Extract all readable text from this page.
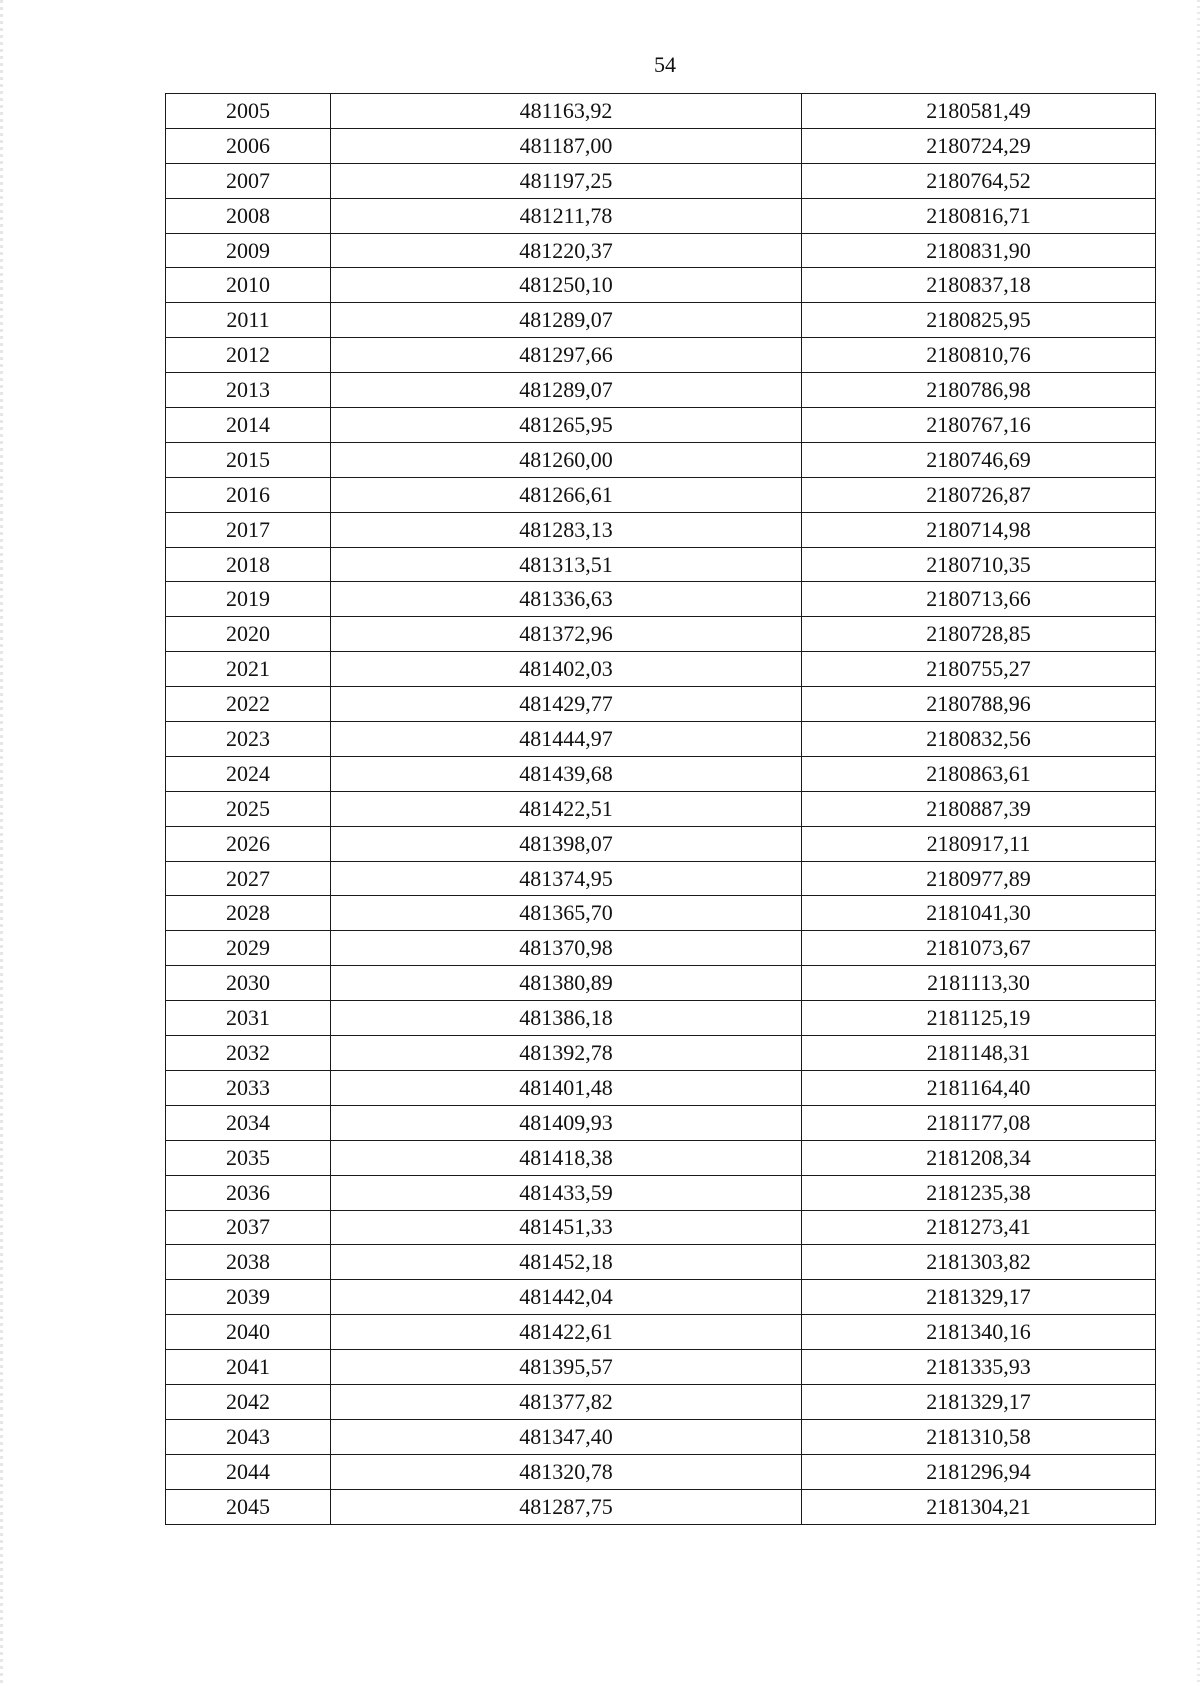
54
2005	481163,92	2180581,49
2006	481187,00	2180724,29
2007	481197,25	2180764,52
2008	481211,78	2180816,71
2009	481220,37	2180831,90
2010	481250,10	2180837,18
2011	481289,07	2180825,95
2012	481297,66	2180810,76
2013	481289,07	2180786,98
2014	481265,95	2180767,16
2015	481260,00	2180746,69
2016	481266,61	2180726,87
2017	481283,13	2180714,98
2018	481313,51	2180710,35
2019	481336,63	2180713,66
2020	481372,96	2180728,85
2021	481402,03	2180755,27
2022	481429,77	2180788,96
2023	481444,97	2180832,56
2024	481439,68	2180863,61
2025	481422,51	2180887,39
2026	481398,07	2180917,11
2027	481374,95	2180977,89
2028	481365,70	2181041,30
2029	481370,98	2181073,67
2030	481380,89	2181113,30
2031	481386,18	2181125,19
2032	481392,78	2181148,31
2033	481401,48	2181164,40
2034	481409,93	2181177,08
2035	481418,38	2181208,34
2036	481433,59	2181235,38
2037	481451,33	2181273,41
2038	481452,18	2181303,82
2039	481442,04	2181329,17
2040	481422,61	2181340,16
2041	481395,57	2181335,93
2042	481377,82	2181329,17
2043	481347,40	2181310,58
2044	481320,78	2181296,94
2045	481287,75	2181304,21
